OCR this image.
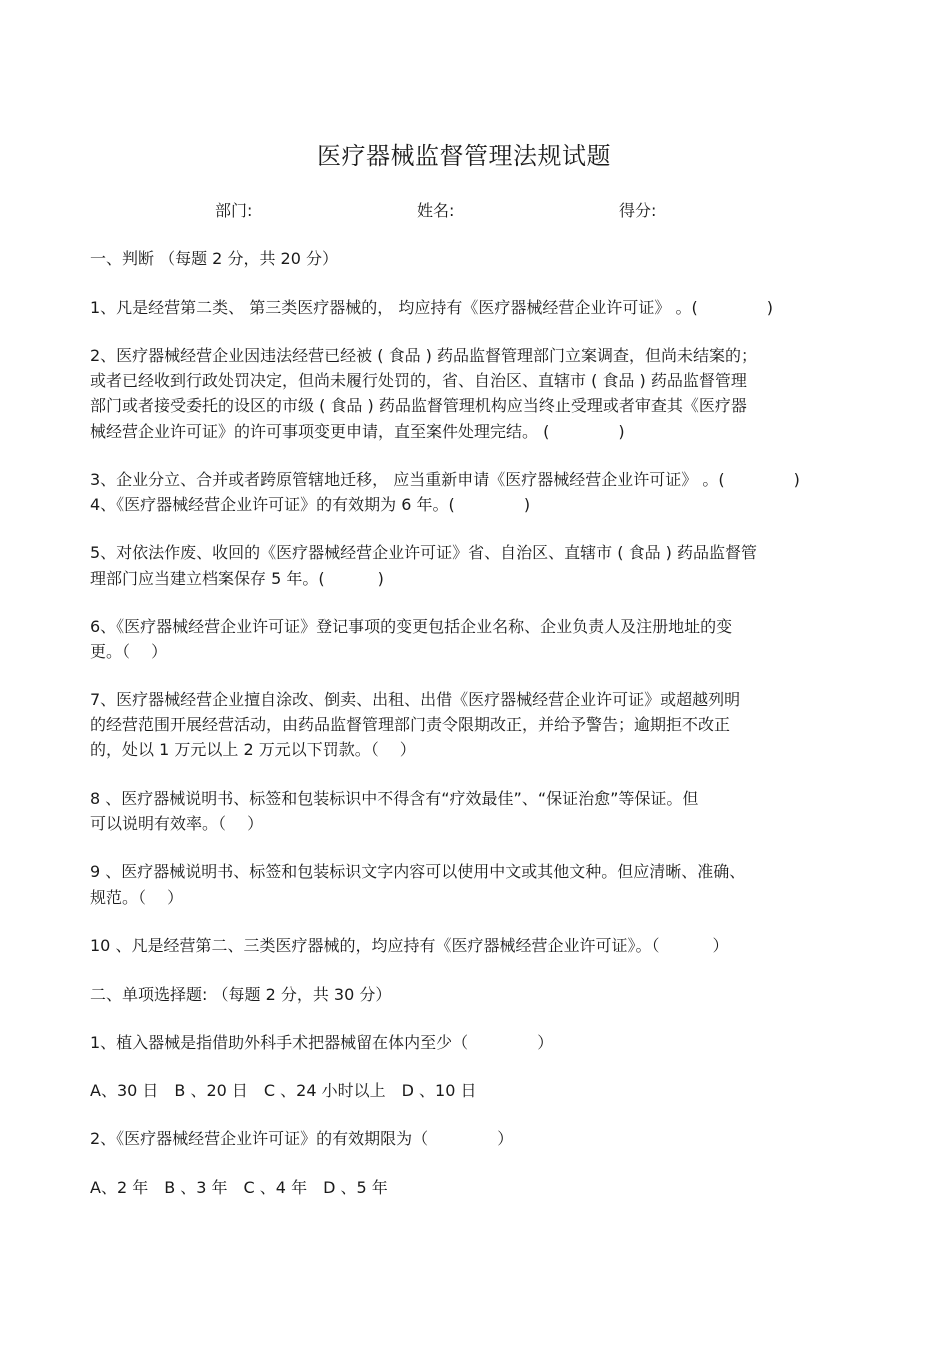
医疗器械监督管理法规试题
部门:	姓名:	得分:
一、判断 （每题 2 分，共 20 分）
1、凡是经营第二类、 第三类医疗器械的， 均应持有《医疗器械经营企业许可证》 。(　　　　 )
2、医疗器械经营企业因违法经营已经被 ( 食品 ) 药品监督管理部门立案调查，但尚未结案的；
或者已经收到行政处罚决定，但尚未履行处罚的，省、自治区、直辖市 ( 食品 ) 药品监督管理
部门或者接受委托的设区的市级 ( 食品 ) 药品监督管理机构应当终止受理或者审查其《医疗器
械经营企业许可证》的许可事项变更申请，直至案件处理完结。 (　　　　 )
3、企业分立、合并或者跨原管辖地迁移， 应当重新申请《医疗器械经营企业许可证》 。(　　　　 )
4、《医疗器械经营企业许可证》的有效期为 6 年。(　　　　 )
5、对依法作废、收回的《医疗器械经营企业许可证》省、自治区、直辖市 ( 食品 ) 药品监督管
理部门应当建立档案保存 5 年。(　　　 )
6、《医疗器械经营企业许可证》登记事项的变更包括企业名称、企业负责人及注册地址的变
更。（　 ）
7、医疗器械经营企业擅自涂改、倒卖、出租、出借《医疗器械经营企业许可证》或超越列明
的经营范围开展经营活动，由药品监督管理部门责令限期改正，并给予警告；逾期拒不改正
的，处以 1 万元以上 2 万元以下罚款。（　 ）
8 、医疗器械说明书、标签和包装标识中不得含有“疗效最佳”、“保证治愈”等保证。但
可以说明有效率。（　 ）
9 、医疗器械说明书、标签和包装标识文字内容可以使用中文或其他文种。但应清晰、准确、
规范。（　 ）
10 、凡是经营第二、三类医疗器械的，均应持有《医疗器械经营企业许可证》。（　　　 ）
二、单项选择题: （每题 2 分，共 30 分）
1、植入器械是指借助外科手术把器械留在体内至少（　　　　 ）
A、30 日　B 、20 日　C 、24 小时以上　D 、10 日
2、《医疗器械经营企业许可证》的有效期限为（　　　　 ）
A、2 年　B 、3 年　C 、4 年　D 、5 年
